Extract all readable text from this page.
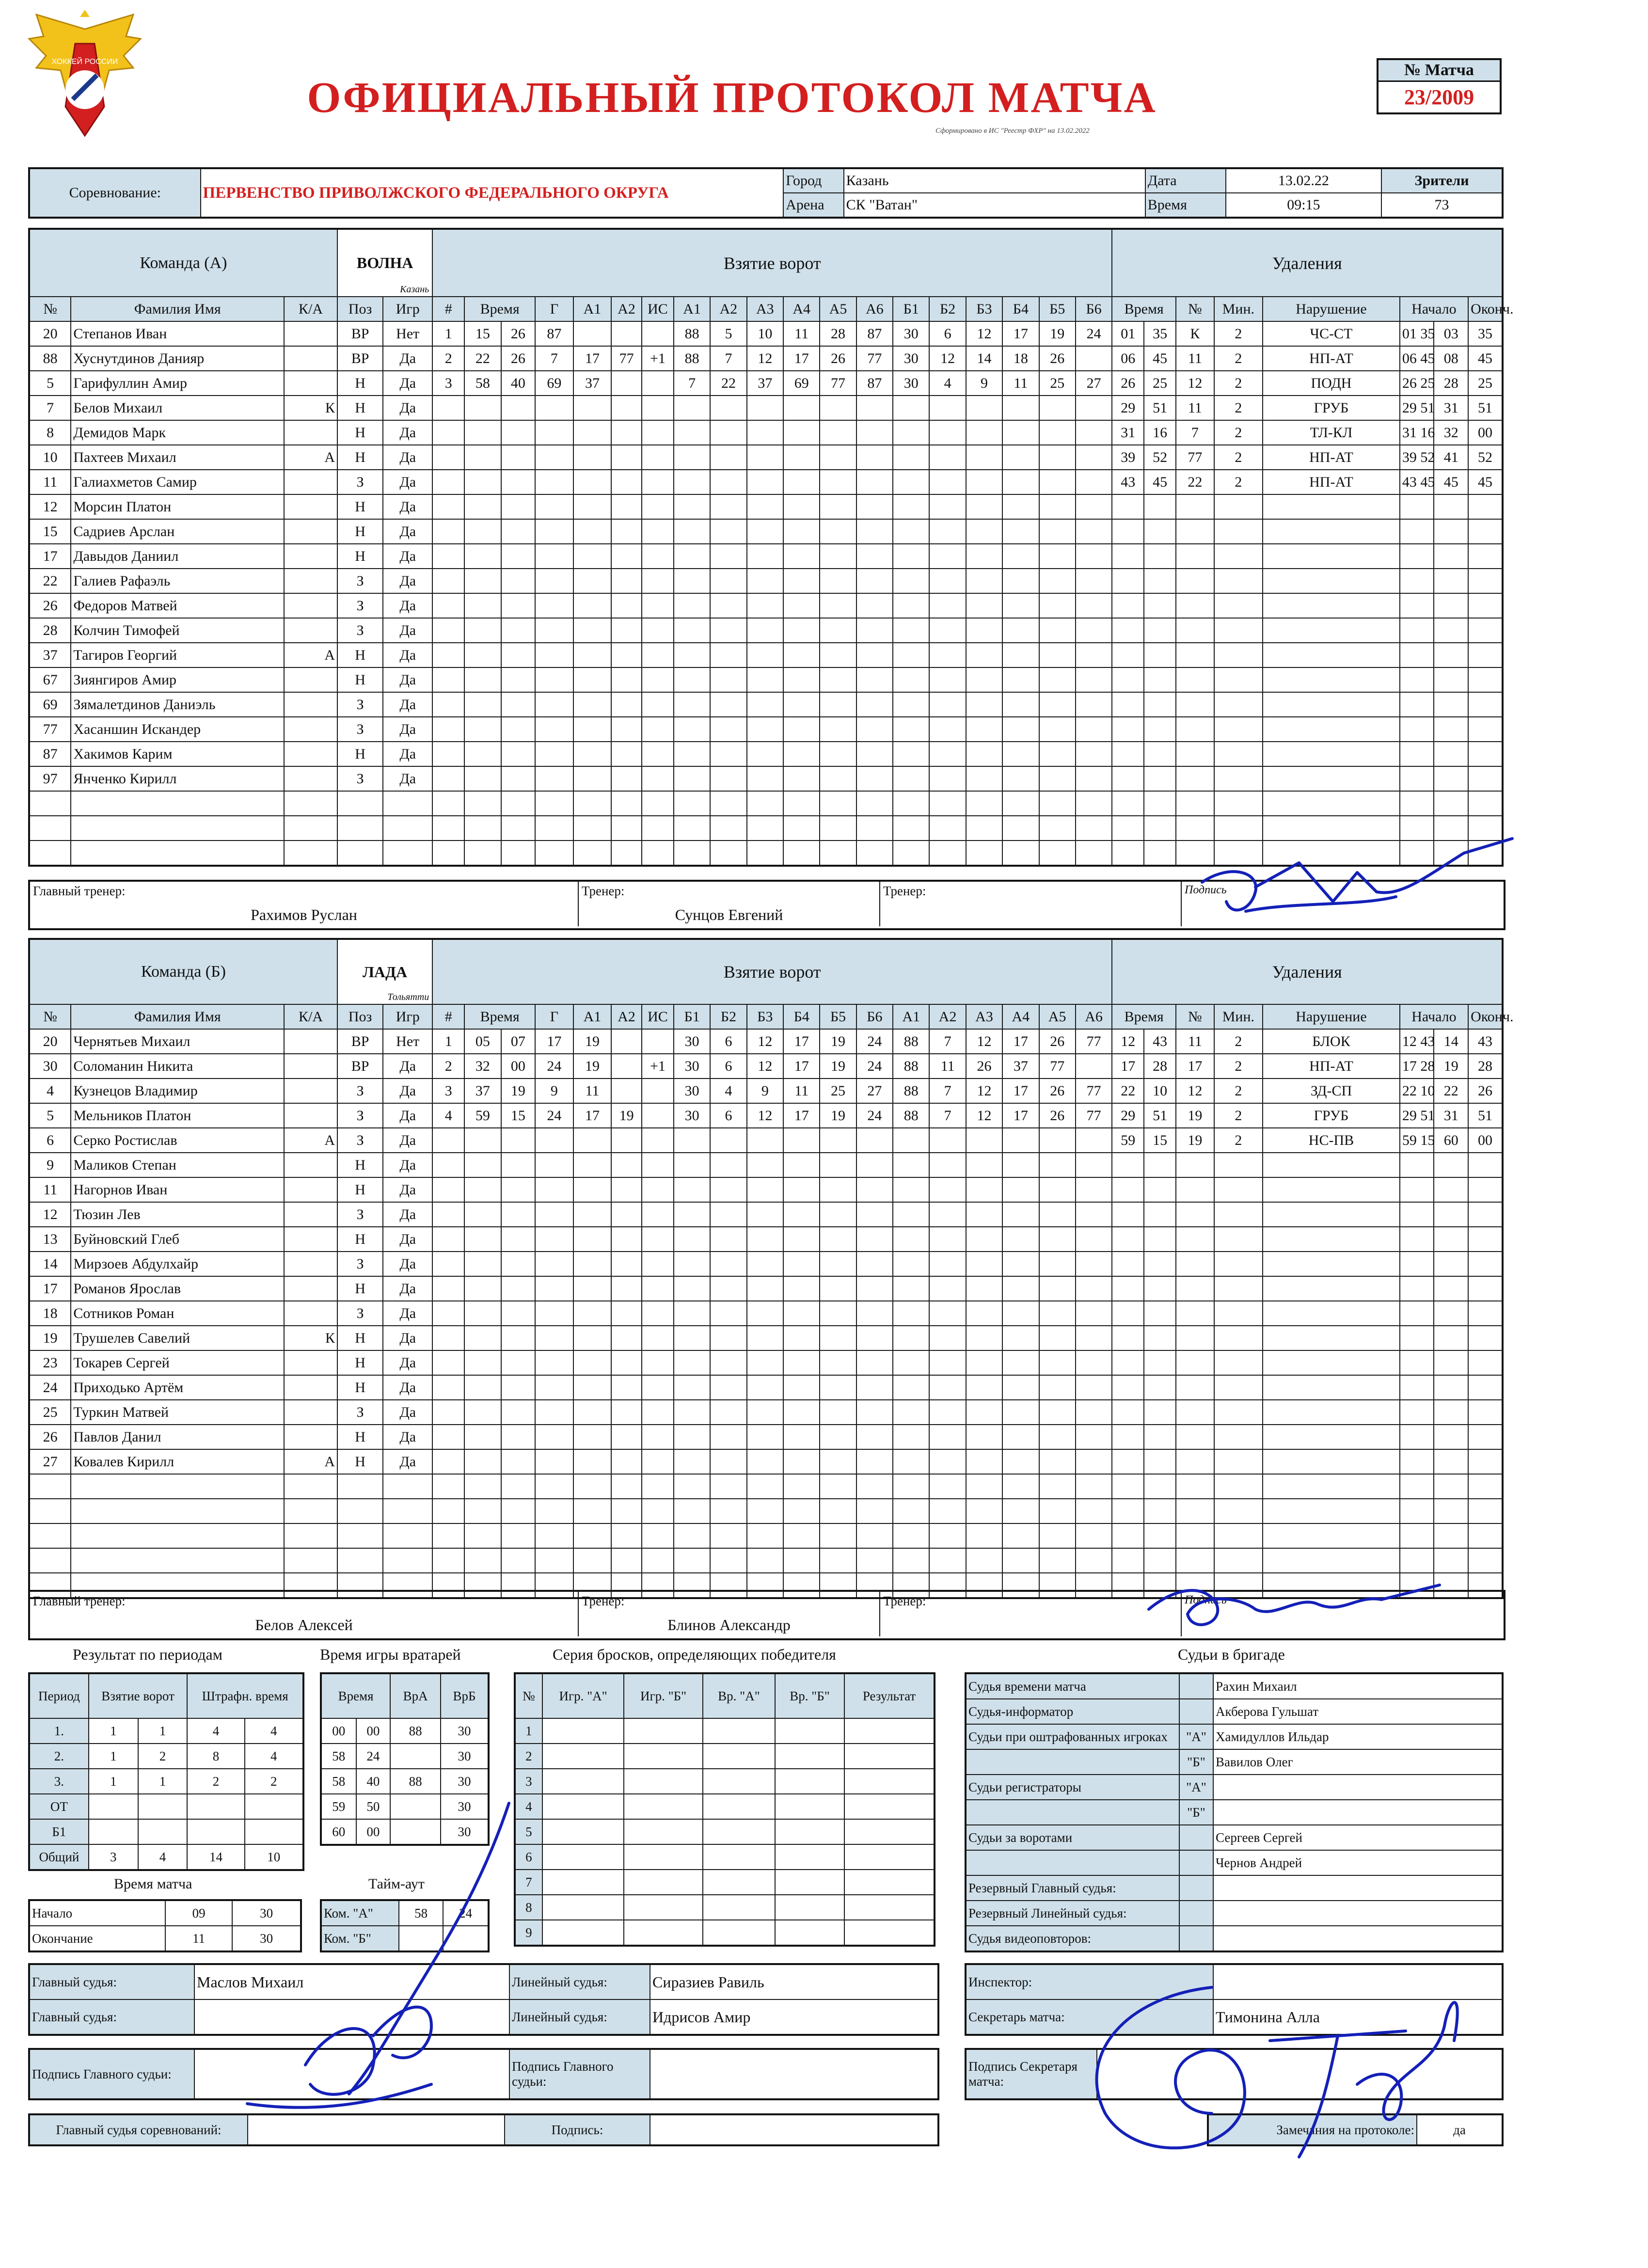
ХОККЕЙ РОССИИ
ОФИЦИАЛЬНЫЙ ПРОТОКОЛ МАТЧА
Сформировано в ИС "Реестр ФХР" на 13.02.2022
№ Матча
23/2009
Соревнование:	ПЕРВЕНСТВО ПРИВОЛЖСКОГО ФЕДЕРАЛЬНОГО ОКРУГА	Город	Казань	Дата	13.02.22	Зрители
		Арена	СК "Ватан"	Время	09:15	73
Команда (А)			ВОЛНА
Казань		Взятие ворот																			Удаления							
№	Фамилия Имя	К/А	Поз	Игр	#	Время		Г	А1	А2	ИС	А1	А2	А3	А4	А5	А6	Б1	Б2	Б3	Б4	Б5	Б6	Время		№	Мин.	Нарушение	Начало		Оконч.
20	Степанов Иван		ВР	Нет	1	15	26	87				88	5	10	11	28	87	30	6	12	17	19	24	01	35	К	2	ЧС-СТ	01 35	03	35
88	Хуснутдинов Данияр		ВР	Да	2	22	26	7	17	77	+1	88	7	12	17	26	77	30	12	14	18	26		06	45	11	2	НП-АТ	06 45	08	45
5	Гарифуллин Амир		Н	Да	3	58	40	69	37			7	22	37	69	77	87	30	4	9	11	25	27	26	25	12	2	ПОДН	26 25	28	25
7	Белов Михаил	К	Н	Да																				29	51	11	2	ГРУБ	29 51	31	51
8	Демидов Марк		Н	Да																				31	16	7	2	ТЛ-КЛ	31 16	32	00
10	Пахтеев Михаил	А	Н	Да																				39	52	77	2	НП-АТ	39 52	41	52
11	Галиахметов Самир		З	Да																				43	45	22	2	НП-АТ	43 45	45	45
12	Морсин Платон		Н	Да																											
15	Садриев Арслан		Н	Да																											
17	Давыдов Даниил		Н	Да																											
22	Галиев Рафаэль		З	Да																											
26	Федоров Матвей		З	Да																											
28	Колчин Тимофей		З	Да																											
37	Тагиров Георгий	А	Н	Да																											
67	Зиянгиров Амир		Н	Да																											
69	Зямалетдинов Даниэль		З	Да																											
77	Хасаншин Искандер		З	Да																											
87	Хакимов Карим		Н	Да																											
97	Янченко Кирилл		З	Да																											

Главный тренер:
Рахимов Руслан
Тренер:
Сунцов Евгений
Тренер:	Подпись
Команда (Б)			ЛАДА
Тольятти		Взятие ворот																			Удаления							
№	Фамилия Имя	К/А	Поз	Игр	#	Время		Г	А1	А2	ИС	Б1	Б2	Б3	Б4	Б5	Б6	А1	А2	А3	А4	А5	А6	Время		№	Мин.	Нарушение	Начало		Оконч.
20	Чернятьев Михаил		ВР	Нет	1	05	07	17	19			30	6	12	17	19	24	88	7	12	17	26	77	12	43	11	2	БЛОК	12 43	14	43
30	Соломанин Никита		ВР	Да	2	32	00	24	19		+1	30	6	12	17	19	24	88	11	26	37	77		17	28	17	2	НП-АТ	17 28	19	28
4	Кузнецов Владимир		З	Да	3	37	19	9	11			30	4	9	11	25	27	88	7	12	17	26	77	22	10	12	2	ЗД-СП	22 10	22	26
5	Мельников Платон		З	Да	4	59	15	24	17	19		30	6	12	17	19	24	88	7	12	17	26	77	29	51	19	2	ГРУБ	29 51	31	51
6	Серко Ростислав	А	З	Да																				59	15	19	2	НС-ПВ	59 15	60	00
9	Маликов Степан		Н	Да																											
11	Нагорнов Иван		Н	Да																											
12	Тюзин Лев		З	Да																											
13	Буйновский Глеб		Н	Да																											
14	Мирзоев Абдулхайр		З	Да																											
17	Романов Ярослав		Н	Да																											
18	Сотников Роман		З	Да																											
19	Трушелев Савелий	К	Н	Да																											
23	Токарев Сергей		Н	Да																											
24	Приходько Артём		Н	Да																											
25	Туркин Матвей		З	Да																											
26	Павлов Данил		Н	Да																											
27	Ковалев Кирилл	А	Н	Да																											

Главный тренер:
Белов Алексей
Тренер:
Блинов Александр
Тренер:	Подпись
Результат по периодам	Время игры вратарей	Серия бросков, определяющих победителя	Судьи в бригаде
Период	Взятие ворот		Штрафн. время	
1.	1	1	4	4
2.	1	2	8	4
3.	1	1	2	2
ОТ				
Б1				
Общий	3	4	14	10
Время		ВрА	ВрБ
00	00	88	30
58	24		30
58	40	88	30
59	50		30
60	00		30
№	Игр. "А"	Игр. "Б"	Вр. "А"	Вр. "Б"	Результат
1					
2					
3					
4					
5					
6					
7					
8					
9					
Время матча	Тайм-аут
Начало	09	30
Окончание	11	30
Ком. "А"	58	24
Ком. "Б"		
Судья времени матча		Рахин Михаил
Судья-информатор		Акберова Гульшат
Судьи при оштрафованных игроках	"А"	Хамидуллов Ильдар
	"Б"	Вавилов Олег
Судьи регистраторы	"А"	
	"Б"	
Судьи за воротами		Сергеев Сергей
		Чернов Андрей
Резервный Главный судья:		
Резервный Линейный судья:		
Судья видеоповторов:		
Главный судья:	Маслов Михаил	Линейный судья:	Сиразиев Равиль
Главный судья:		Линейный судья:	Идрисов Амир
Инспектор:	
Секретарь матча:	Тимонина Алла
Подпись Главного судьи:		Подпись Главного судьи:	
Подпись Секретаря матча:	
Главный судья соревнований:		Подпись:		Замечания на протоколе:	да
